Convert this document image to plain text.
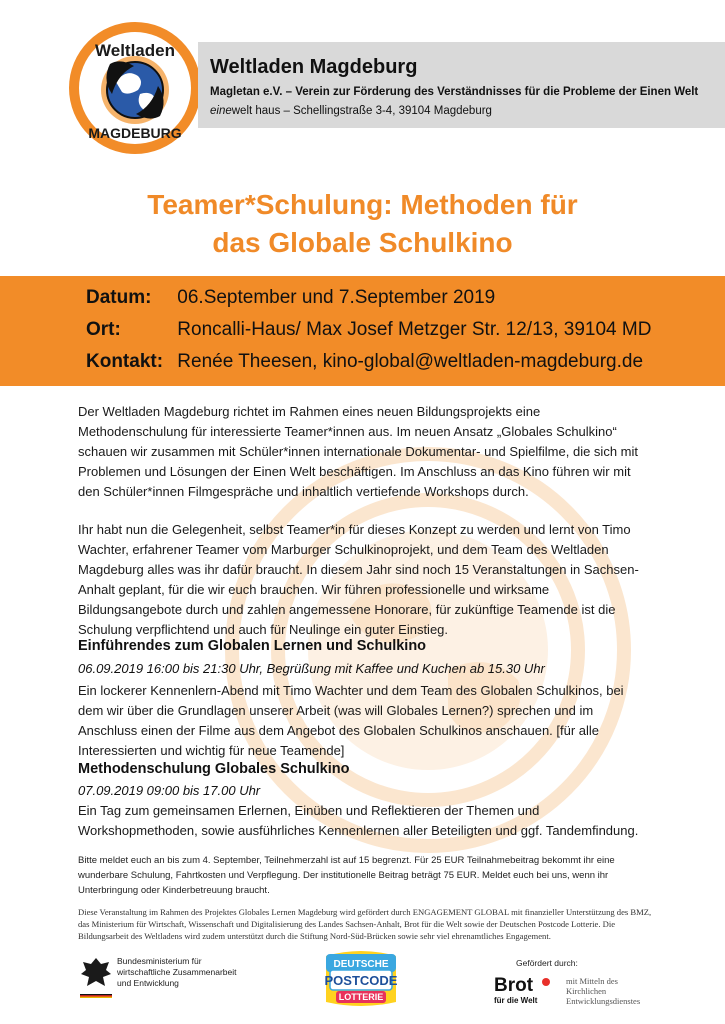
Weltladen
MAGDEBURG
Weltladen Magdeburg
Magletan e.V. – Verein zur Förderung des Verständnisses für die Probleme der Einen Welt
einewelt haus – Schellingstraße 3-4, 39104 Magdeburg
Teamer*Schulung: Methoden für
das Globale Schulkino
Datum: 06.September und 7.September 2019
Ort:	Roncalli-Haus/ Max Josef Metzger Str. 12/13, 39104 MD
Kontakt: Renée Theesen, kino-global@weltladen-magdeburg.de
Der Weltladen Magdeburg richtet im Rahmen eines neuen Bildungsprojekts eine Methodenschulung für interessierte Teamer*innen aus. Im neuen Ansatz „Globales Schulkino“ schauen wir zusammen mit Schüler*innen internationale Dokumentar- und Spielfilme, die sich mit Problemen und Lösungen der Einen Welt beschäftigen. Im Anschluss an das Kino führen wir mit den Schüler*innen Filmgespräche und inhaltlich vertiefende Workshops durch.
Ihr habt nun die Gelegenheit, selbst Teamer*in für dieses Konzept zu werden und lernt von Timo Wachter, erfahrener Teamer vom Marburger Schulkinoprojekt, und dem Team des Weltladen Magdeburg alles was ihr dafür braucht. In diesem Jahr sind noch 15 Veranstaltungen in Sachsen-Anhalt geplant, für die wir euch brauchen. Wir führen professionelle und wirksame Bildungsangebote durch und zahlen angemessene Honorare, für zukünftige Teamende ist die Schulung verpflichtend und auch für Neulinge ein guter Einstieg.
Einführendes zum Globalen Lernen und Schulkino
06.09.2019 16:00 bis 21:30 Uhr, Begrüßung mit Kaffee und Kuchen ab 15.30 Uhr
Ein lockerer Kennenlern-Abend mit Timo Wachter und dem Team des Globalen Schulkinos, bei dem wir über die Grundlagen unserer Arbeit (was will Globales Lernen?) sprechen und im Anschluss einen der Filme aus dem Angebot des Globalen Schulkinos anschauen. [für alle Interessierten und wichtig für neue Teamende]
Methodenschulung Globales Schulkino
07.09.2019 09:00 bis 17.00 Uhr
Ein Tag zum gemeinsamen Erlernen, Einüben und Reflektieren der Themen und Workshopmethoden, sowie ausführliches Kennenlernen aller Beteiligten und ggf. Tandemfindung.
Bitte meldet euch an bis zum 4. September, Teilnehmerzahl ist auf 15 begrenzt. Für 25 EUR Teilnahmebeitrag bekommt ihr eine wunderbare Schulung, Fahrtkosten und Verpflegung. Der institutionelle Beitrag beträgt 75 EUR. Meldet euch bei uns, wenn ihr Unterbringung oder Kinderbetreuung braucht.
Diese Veranstaltung im Rahmen des Projektes Globales Lernen Magdeburg wird gefördert durch ENGAGEMENT GLOBAL mit finanzieller Unterstützung des BMZ, das Ministerium für Wirtschaft, Wissenschaft und Digitalisierung des Landes Sachsen-Anhalt, Brot für die Welt sowie der Deutschen Postcode Lotterie. Die Bildungsarbeit des Weltladens wird zudem unterstützt durch die Stiftung Nord-Süd-Brücken sowie sehr viel ehrenamtliches Engagement.
Bundesministerium für
wirtschaftliche Zusammenarbeit
und Entwicklung
DEUTSCHE
POSTCODE
LOTTERIE
Gefördert durch:
Brot
für die Welt
mit Mitteln des
Kirchlichen
Entwicklungsdienstes
